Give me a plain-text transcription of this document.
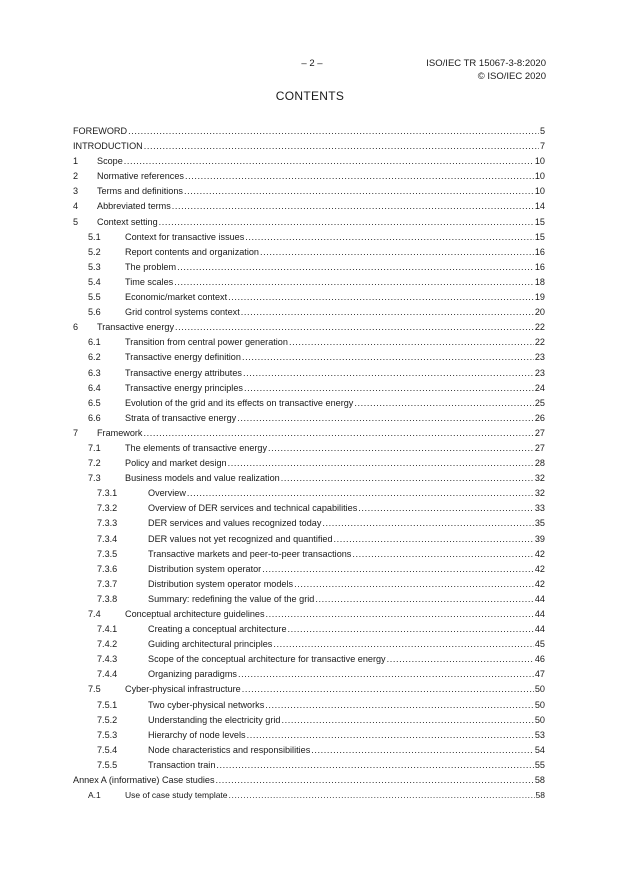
– 2 –	ISO/IEC TR 15067-3-8:2020
© ISO/IEC 2020
CONTENTS
FOREWORD .....	5
INTRODUCTION .....	7
1 Scope .....	10
2 Normative references .....	10
3 Terms and definitions .....	10
4 Abbreviated terms .....	14
5 Context setting .....	15
5.1	Context for transactive issues .....	15
5.2	Report contents and organization .....	16
5.3	The problem .....	16
5.4	Time scales .....	18
5.5	Economic/market context .....	19
5.6	Grid control systems context .....	20
6 Transactive energy .....	22
6.1	Transition from central power generation .....	22
6.2	Transactive energy definition .....	23
6.3	Transactive energy attributes .....	23
6.4	Transactive energy principles .....	24
6.5	Evolution of the grid and its effects on transactive energy .....	25
6.6	Strata of transactive energy .....	26
7 Framework .....	27
7.1	The elements of transactive energy .....	27
7.2	Policy and market design .....	28
7.3	Business models and value realization .....	32
7.3.1	Overview .....	32
7.3.2	Overview of DER services and technical capabilities .....	33
7.3.3	DER services and values recognized today .....	35
7.3.4	DER values not yet recognized and quantified .....	39
7.3.5	Transactive markets and peer-to-peer transactions .....	42
7.3.6	Distribution system operator .....	42
7.3.7	Distribution system operator models .....	42
7.3.8	Summary: redefining the value of the grid .....	44
7.4	Conceptual architecture guidelines .....	44
7.4.1	Creating a conceptual architecture .....	44
7.4.2	Guiding architectural principles .....	45
7.4.3	Scope of the conceptual architecture for transactive energy .....	46
7.4.4	Organizing paradigms .....	47
7.5	Cyber-physical infrastructure .....	50
7.5.1	Two cyber-physical networks .....	50
7.5.2	Understanding the electricity grid .....	50
7.5.3	Hierarchy of node levels .....	53
7.5.4	Node characteristics and responsibilities .....	54
7.5.5	Transaction train .....	55
Annex A (informative) Case studies .....	58
A.1	Use of case study template .....	58
